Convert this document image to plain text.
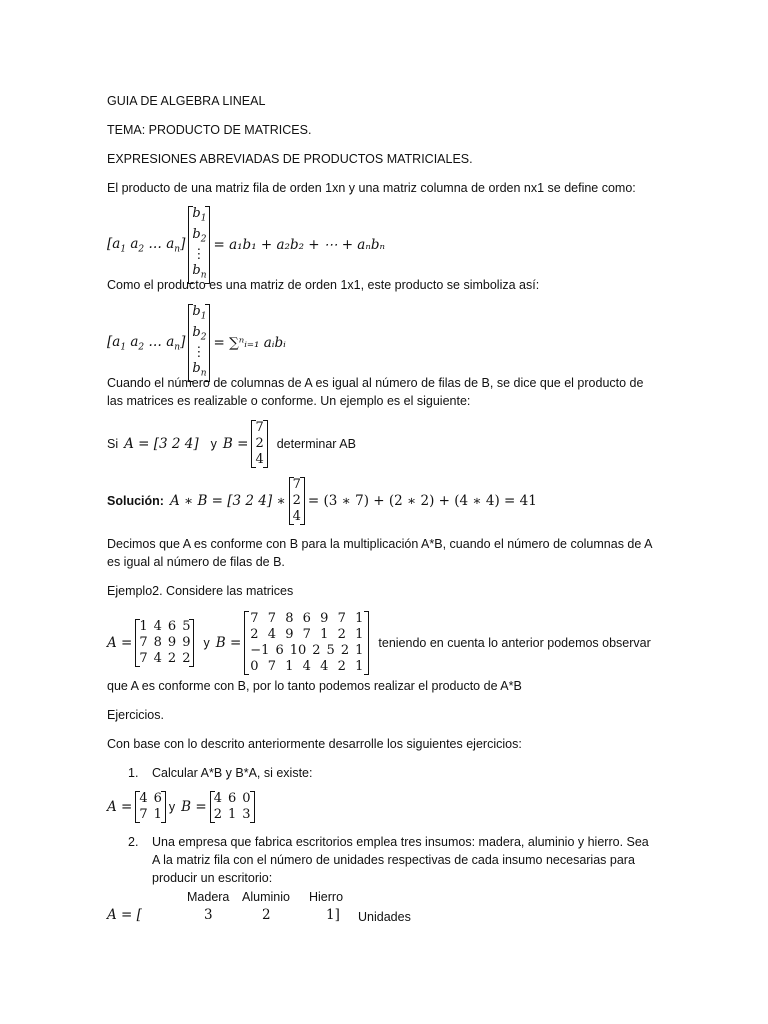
GUIA DE ALGEBRA LINEAL
TEMA: PRODUCTO DE MATRICES.
EXPRESIONES ABREVIADAS DE PRODUCTOS MATRICIALES.
El producto de una matriz fila de orden 1xn y una matriz columna de orden nx1 se define como:
[$a_1$ $a_2$ … $a_n$]
$b_1$
$b_2$
⋮
$b_n$
= a₁b₁ + a₂b₂ + ⋯ + aₙbₙ
Como el producto es una matriz de orden 1x1, este producto se simboliza así:
[$a_1$ $a_2$ … $a_n$]
$b_1$
$b_2$
⋮
$b_n$
= ∑ⁿᵢ₌₁ aᵢbᵢ
Cuando el número de columnas de A es igual al número de filas de B, se dice que el producto de
las matrices es realizable o conforme. Un ejemplo es el siguiente:
Si A = [3 2 4] y B =
7
2
4
determinar AB
Solución: A ∗ B = [3 2 4] ∗
7
2
4
= (3 ∗ 7) + (2 ∗ 2) + (4 ∗ 4) = 41
Decimos que A es conforme con B para la multiplicación A*B, cuando el número de columnas de A
es igual al número de filas de B.
Ejemplo2. Considere las matrices
A =
1 4 6 5
7 8 9 9
7 4 2 2
y B =
7 7 8 6 9 7 1
2 4 9 7 1 2 1
−1 6 10 2 5 2 1
0 7 1 4 4 2 1
teniendo en cuenta lo anterior podemos observar
que A es conforme con B, por lo tanto podemos realizar el producto de A*B
Ejercicios.
Con base con lo descrito anteriormente desarrolle los siguientes ejercicios:
1. Calcular A*B y B*A, si existe:
A =
4 6
7 1 y B =
4 6 0
2 1 3
2. Una empresa que fabrica escritorios emplea tres insumos: madera, aluminio y hierro. Sea
A la matriz fila con el número de unidades respectivas de cada insumo necesarias para
producir un escritorio:
Madera Aluminio Hierro
A = [	3	2	1] Unidades
